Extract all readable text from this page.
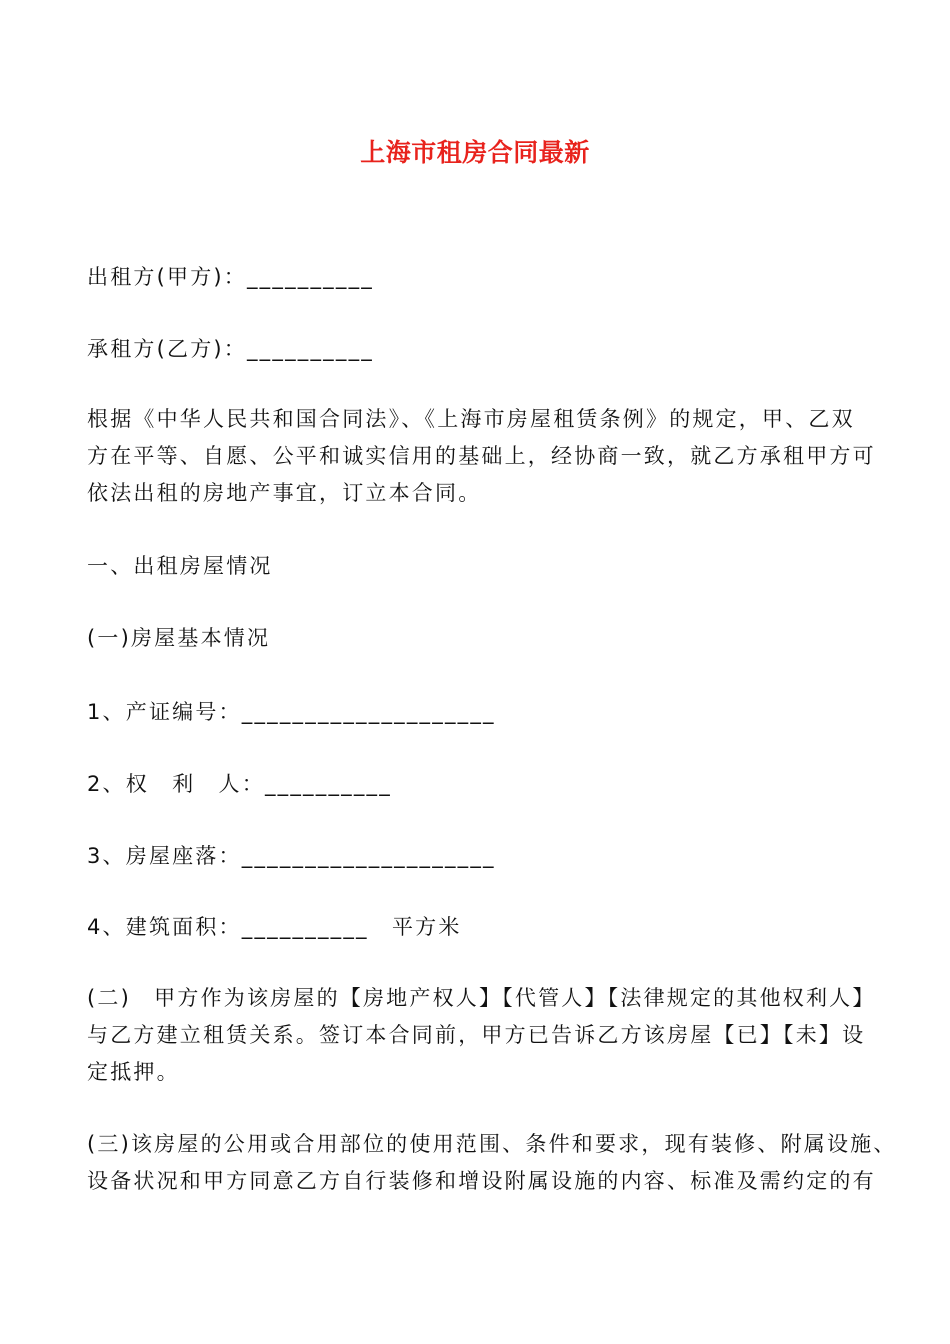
上海市租房合同最新
出租方(甲方)：__________
承租方(乙方)：__________
根据《中华人民共和国合同法》、《上海市房屋租赁条例》的规定，甲、乙双
方在平等、自愿、公平和诚实信用的基础上，经协商一致，就乙方承租甲方可
依法出租的房地产事宜，订立本合同。
一、出租房屋情况
(一)房屋基本情况
1、产证编号：____________________
2、权　利　人：__________
3、房屋座落：____________________
4、建筑面积：__________　平方米
(二)　甲方作为该房屋的【房地产权人】【代管人】【法律规定的其他权利人】
与乙方建立租赁关系。签订本合同前，甲方已告诉乙方该房屋【已】【未】设
定抵押。
(三)该房屋的公用或合用部位的使用范围、条件和要求，现有装修、附属设施、
设备状况和甲方同意乙方自行装修和增设附属设施的内容、标准及需约定的有
